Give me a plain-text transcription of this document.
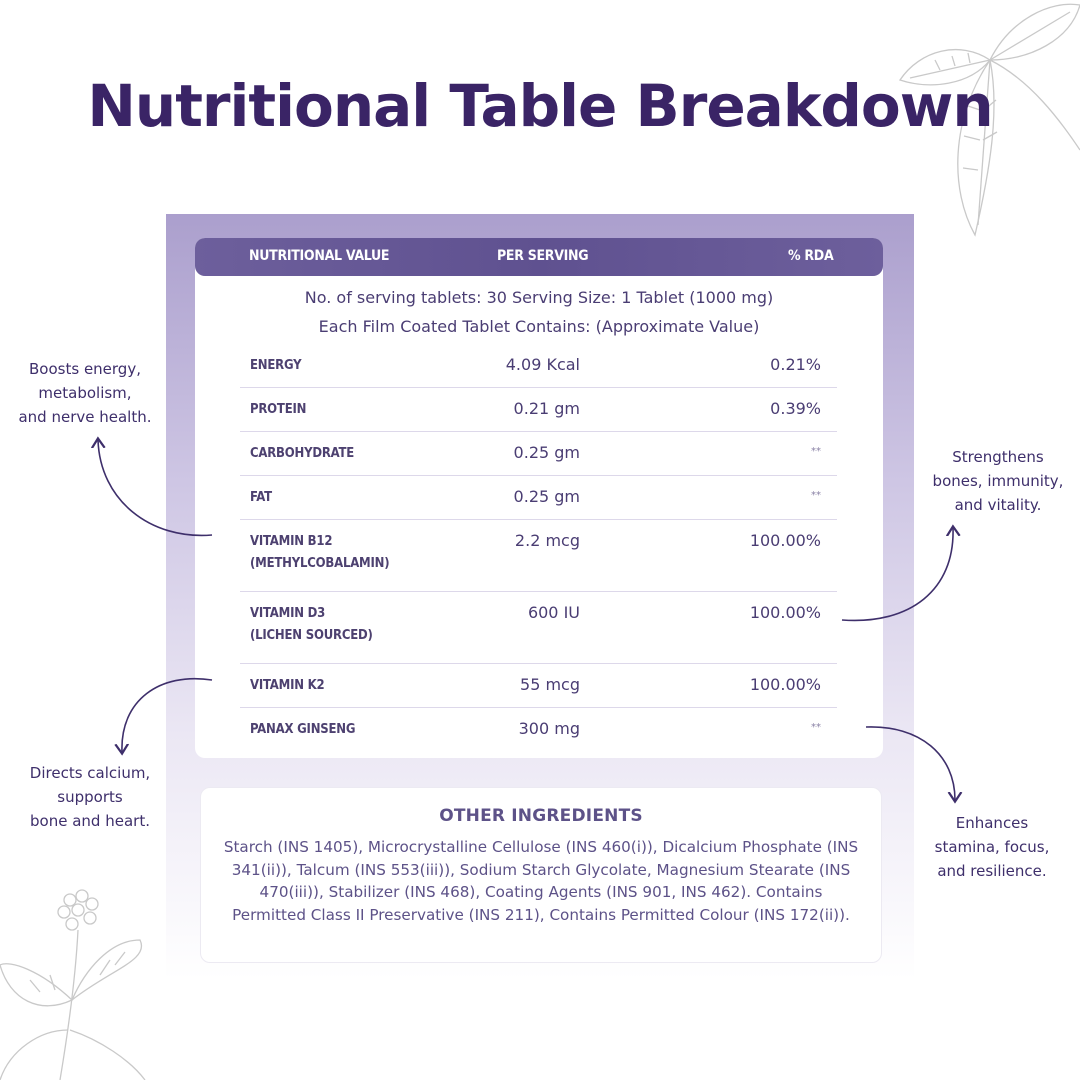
Nutritional Table Breakdown
NUTRITIONAL VALUE	PER SERVING	% RDA
No. of serving tablets: 30 Serving Size: 1 Tablet (1000 mg)
Each Film Coated Tablet Contains: (Approximate Value)
ENERGY	4.09 Kcal	0.21%
PROTEIN	0.21 gm	0.39%
CARBOHYDRATE	0.25 gm	**
FAT	0.25 gm	**
VITAMIN B12
(METHYLCOBALAMIN)
2.2 mcg	100.00%
VITAMIN D3
(LICHEN SOURCED)
600 IU	100.00%
VITAMIN K2	55 mcg	100.00%
PANAX GINSENG	300 mg	**
OTHER INGREDIENTS

Starch (INS 1405), Microcrystalline Cellulose (INS 460(i)), Dicalcium Phosphate (INS 341(ii)), Talcum (INS 553(iii)), Sodium Starch Glycolate, Magnesium Stearate (INS 470(iii)), Stabilizer (INS 468), Coating Agents (INS 901, INS 462). Contains Permitted Class II Preservative (INS 211), Contains Permitted Colour (INS 172(ii)).

Boosts energy,
metabolism,
and nerve health.
Directs calcium,
supports
bone and heart.
Strengthens
bones, immunity,
and vitality.
Enhances
stamina, focus,
and resilience.
